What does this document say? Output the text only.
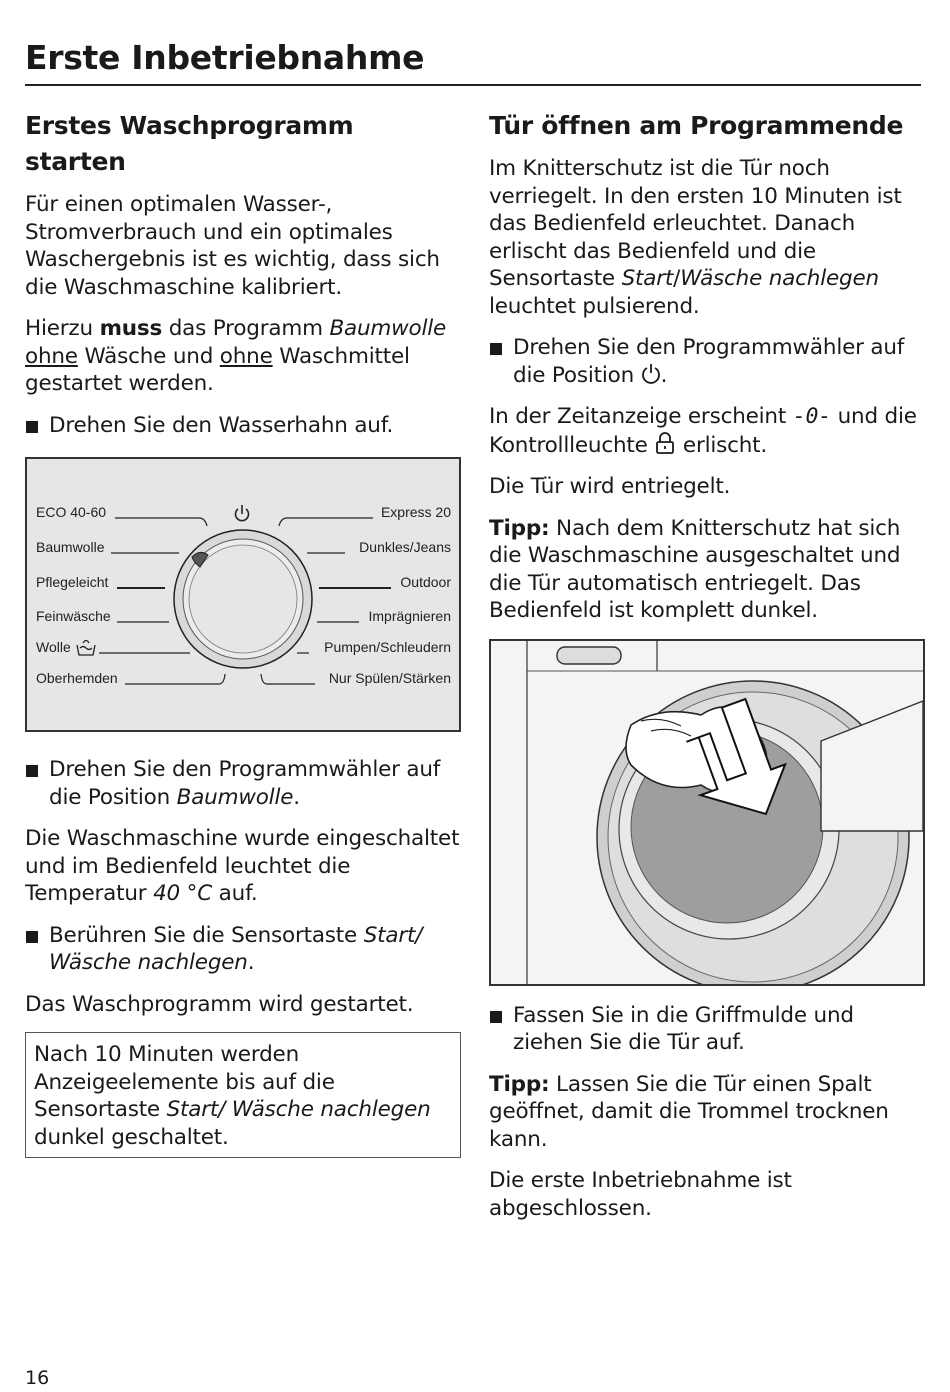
Erste Inbetriebnahme
Erstes Waschprogramm starten

Für einen optimalen Wasser-, Stromverbrauch und ein optimales Waschergebnis ist es wichtig, dass sich die Waschmaschine kalibriert.

Hierzu muss das Programm Baumwolle ohne Wäsche und ohne Waschmittel gestartet werden.

Drehen Sie den Wasserhahn auf.

ECO 40-60
Baumwolle
Pflegeleicht
Feinwäsche
Wolle
Oberhemden
Express 20
Dunkles/Jeans
Outdoor
Imprägnieren
Pumpen/Schleudern
Nur Spülen/Stärken

Drehen Sie den Programmwähler auf die Position Baumwolle.

Die Waschmaschine wurde eingeschaltet und im Bedienfeld leuchtet die Temperatur 40 °C auf.

Berühren Sie die Sensortaste Start/ Wäsche nachlegen.

Das Waschprogramm wird gestartet.

Nach 10 Minuten werden Anzeigeelemente bis auf die Sensortaste Start/ Wäsche nachlegen dunkel geschaltet.

Tür öffnen am Programmende

Im Knitterschutz ist die Tür noch verriegelt. In den ersten 10 Minuten ist das Bedienfeld erleuchtet. Danach erlischt das Bedienfeld und die Sensortaste Start/Wäsche nachlegen leuchtet pulsierend.

Drehen Sie den Programmwähler auf die Position .

In der Zeitanzeige erscheint -0- und die Kontrollleuchte  erlischt.

Die Tür wird entriegelt.

Tipp: Nach dem Knitterschutz hat sich die Waschmaschine ausgeschaltet und die Tür automatisch entriegelt. Das Bedienfeld ist komplett dunkel.

Fassen Sie in die Griffmulde und ziehen Sie die Tür auf.

Tipp: Lassen Sie die Tür einen Spalt geöffnet, damit die Trommel trocknen kann.

Die erste Inbetriebnahme ist abgeschlossen.

16
